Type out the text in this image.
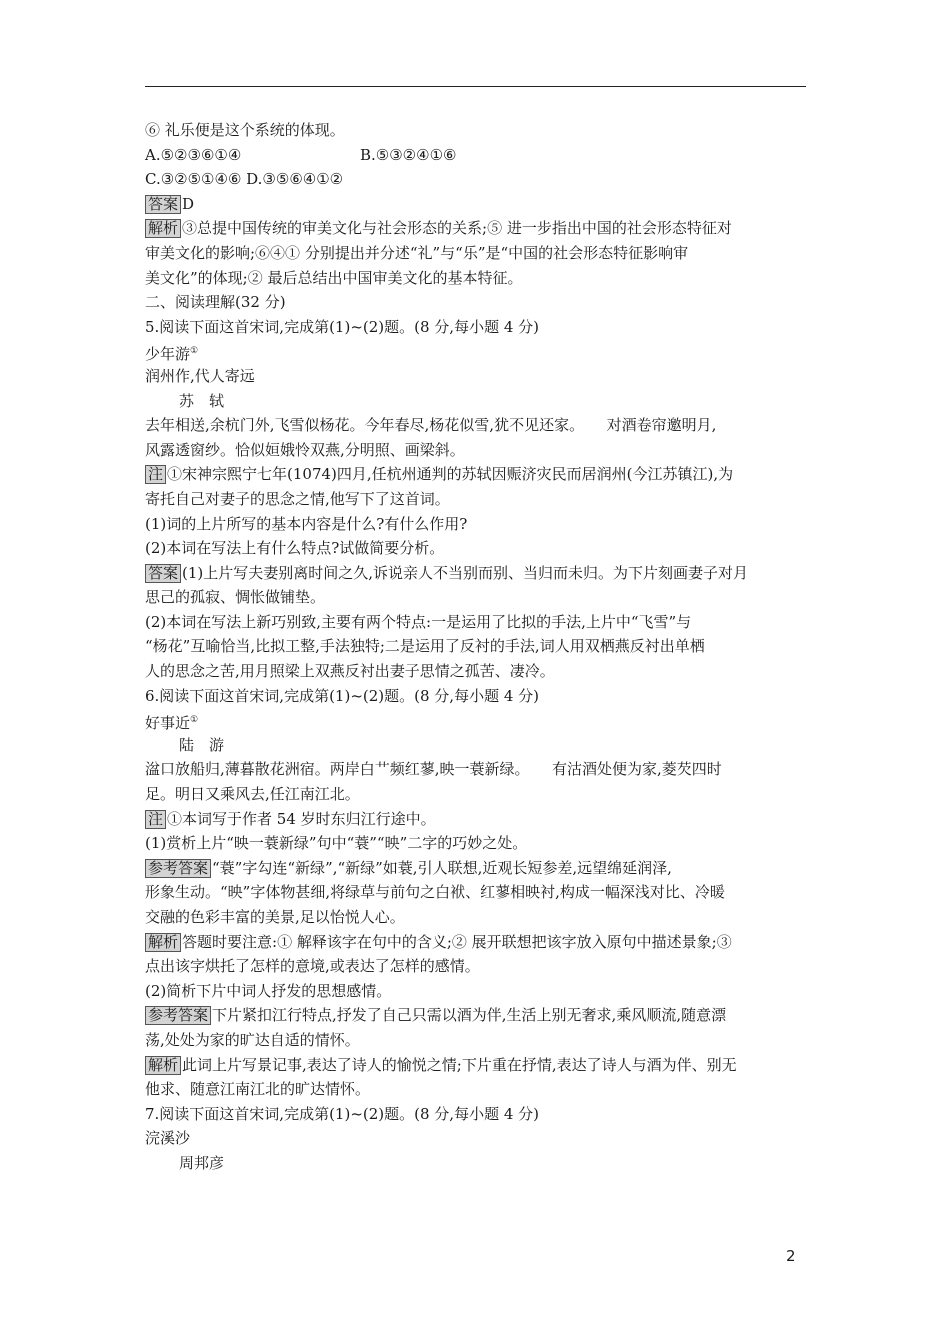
⑥ 礼乐便是这个系统的体现。
A.⑤②③⑥①④	B.⑤③②④①⑥
C.③②⑤①④⑥ D.③⑤⑥④①②
答案 D
解析 ③总提中国传统的审美文化与社会形态的关系;⑤ 进一步指出中国的社会形态特征对
审美文化的影响;⑥④① 分别提出并分述“礼”与“乐”是“中国的社会形态特征影响审
美文化”的体现;② 最后总结出中国审美文化的基本特征。
二、阅读理解(32 分)
5.阅读下面这首宋词,完成第(1)~(2)题。(8 分,每小题 4 分)
少年游①
润州作,代人寄远
苏　轼
去年相送,余杭门外,飞雪似杨花。今年春尽,杨花似雪,犹不见还家。　　对酒卷帘邀明月,
风露透窗纱。恰似姮娥怜双燕,分明照、画梁斜。
注 ①宋神宗熙宁七年(1074)四月,任杭州通判的苏轼因赈济灾民而居润州(今江苏镇江),为
寄托自己对妻子的思念之情,他写下了这首词。
(1)词的上片所写的基本内容是什么?有什么作用?
(2)本词在写法上有什么特点?试做简要分析。
答案 (1)上片写夫妻别离时间之久,诉说亲人不当别而别、当归而未归。为下片刻画妻子对月
思己的孤寂、惆怅做铺垫。
(2)本词在写法上新巧别致,主要有两个特点:一是运用了比拟的手法,上片中“飞雪”与
“杨花”互喻恰当,比拟工整,手法独特;二是运用了反衬的手法,词人用双栖燕反衬出单栖
人的思念之苦,用月照梁上双燕反衬出妻子思情之孤苦、凄冷。
6.阅读下面这首宋词,完成第(1)~(2)题。(8 分,每小题 4 分)
好事近①
陆　游
湓口放船归,薄暮散花洲宿。两岸白艹频红蓼,映一蓑新绿。　　有沽酒处便为家,菱芡四时
足。明日又乘风去,任江南江北。
注 ①本词写于作者 54 岁时东归江行途中。
(1)赏析上片“映一蓑新绿”句中“蓑”“映”二字的巧妙之处。
参考答案 “蓑”字勾连“新绿”,“新绿”如蓑,引人联想,近观长短参差,远望绵延润泽,
形象生动。“映”字体物甚细,将绿草与前句之白袱、红蓼相映衬,构成一幅深浅对比、冷暖
交融的色彩丰富的美景,足以怡悦人心。
解析 答题时要注意:① 解释该字在句中的含义;② 展开联想把该字放入原句中描述景象;③
点出该字烘托了怎样的意境,或表达了怎样的感情。
(2)简析下片中词人抒发的思想感情。
参考答案 下片紧扣江行特点,抒发了自己只需以酒为伴,生活上别无奢求,乘风顺流,随意漂
荡,处处为家的旷达自适的情怀。
解析 此词上片写景记事,表达了诗人的愉悦之情;下片重在抒情,表达了诗人与酒为伴、别无
他求、随意江南江北的旷达情怀。
7.阅读下面这首宋词,完成第(1)~(2)题。(8 分,每小题 4 分)
浣溪沙
周邦彦
2
